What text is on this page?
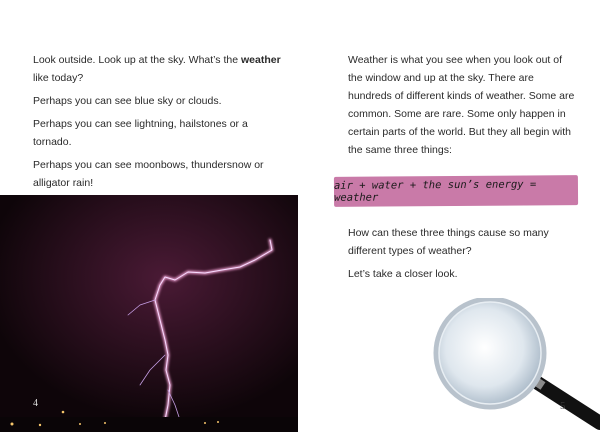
Look outside. Look up at the sky. What’s the weather like today?

Perhaps you can see blue sky or clouds.

Perhaps you can see lightning, hailstones or a tornado.

Perhaps you can see moonbows, thundersnow or alligator rain!

4

Weather is what you see when you look out of the window and up at the sky. There are hundreds of different kinds of weather. Some are common. Some are rare. Some only happen in certain parts of the world. But they all begin with the same three things:

air + water + the sun’s energy = weather

How can these three things cause so many different types of weather?

Let’s take a closer look.

5
